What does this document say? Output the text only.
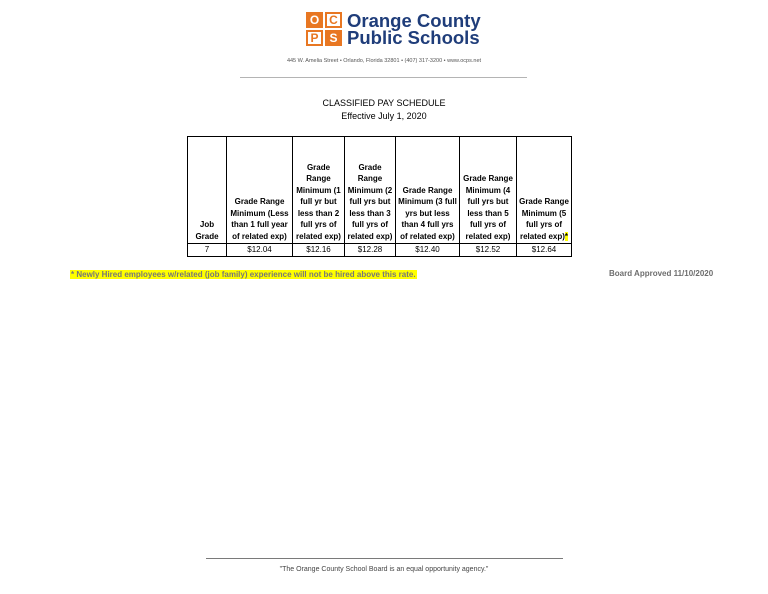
O C
P S
Orange County
Public Schools
445 W. Amelia Street • Orlando, Florida 32801 • (407) 317-3200 • www.ocps.net
CLASSIFIED PAY SCHEDULE
Effective July 1, 2020
Job Grade	Grade Range Minimum (Less than 1 full year of related exp)	Grade Range Minimum (1 full yr but less than 2 full yrs of related exp)	Grade Range Minimum (2 full yrs but less than 3 full yrs of related exp)	Grade Range Minimum (3 full yrs but less than 4 full yrs of related exp)	Grade Range Minimum (4 full yrs but less than 5 full yrs of related exp)	Grade Range Minimum (5 full yrs of related exp)*
7	$12.04	$12.16	$12.28	$12.40	$12.52	$12.64
* Newly Hired employees w/related (job family) experience will not be hired above this rate.	Board Approved 11/10/2020
"The Orange County School Board is an equal opportunity agency."
